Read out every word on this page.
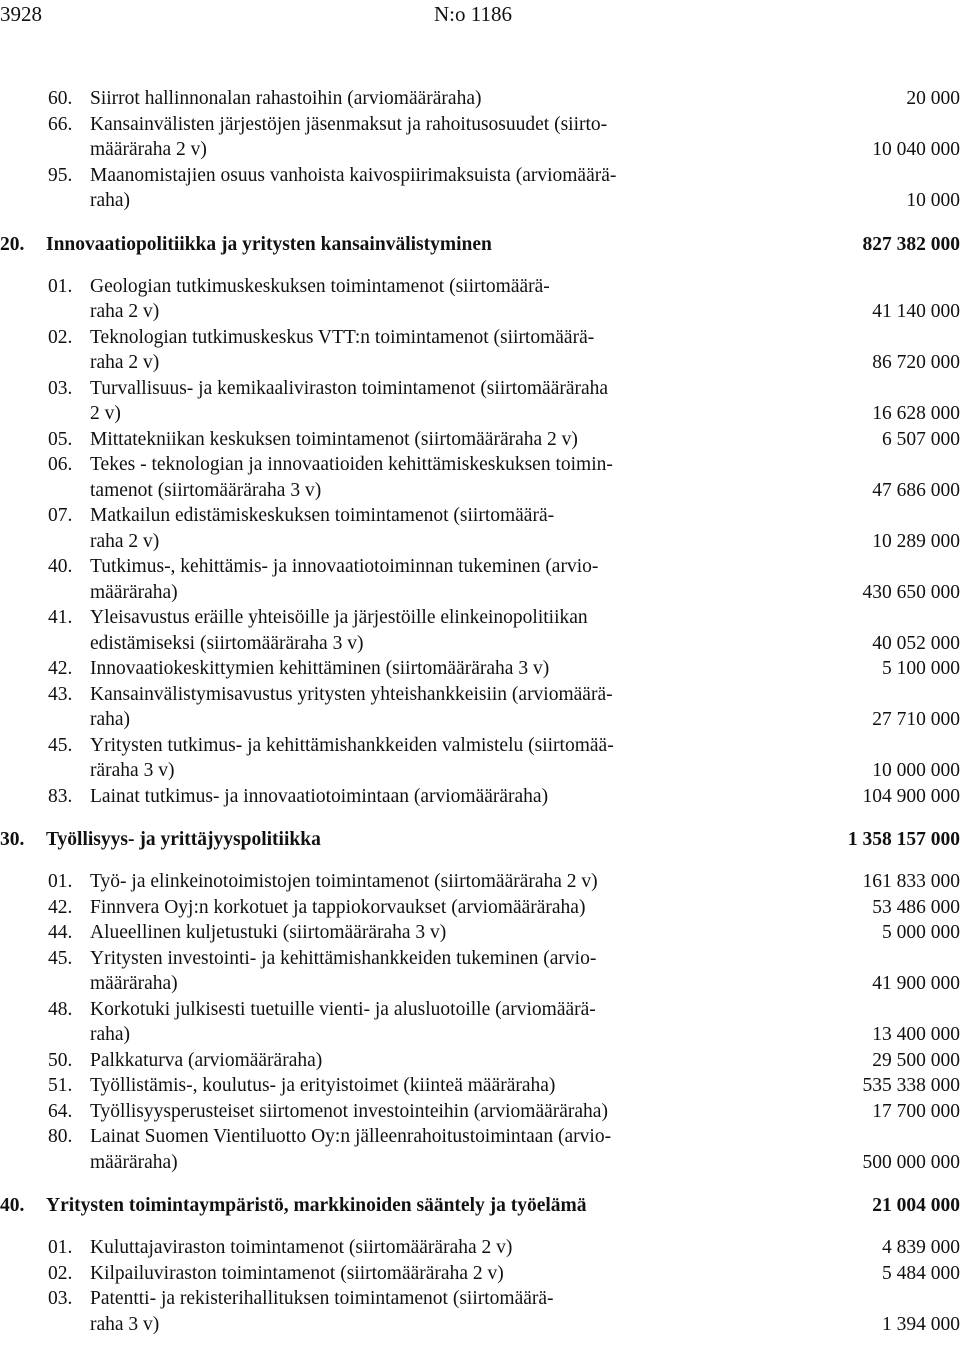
3928	N:o 1186
60. Siirrot hallinnonalan rahastoihin (arviomääräraha)	20 000
66. Kansainvälisten järjestöjen jäsenmaksut ja rahoitusosuudet (siirto-
määräraha 2 v)	10 040 000
95. Maanomistajien osuus vanhoista kaivospiirimaksuista (arviomäärä-
raha)	10 000
20. Innovaatiopolitiikka ja yritysten kansainvälistyminen	827 382 000
01. Geologian tutkimuskeskuksen toimintamenot (siirtomäärä-
raha 2 v)	41 140 000
02. Teknologian tutkimuskeskus VTT:n toimintamenot (siirtomäärä-
raha 2 v)	86 720 000
03. Turvallisuus- ja kemikaaliviraston toimintamenot (siirtomääräraha
2 v)	16 628 000
05. Mittatekniikan keskuksen toimintamenot (siirtomääräraha 2 v)	6 507 000
06. Tekes - teknologian ja innovaatioiden kehittämiskeskuksen toimin-
tamenot (siirtomääräraha 3 v)	47 686 000
07. Matkailun edistämiskeskuksen toimintamenot (siirtomäärä-
raha 2 v)	10 289 000
40. Tutkimus-, kehittämis- ja innovaatiotoiminnan tukeminen (arvio-
määräraha)	430 650 000
41. Yleisavustus eräille yhteisöille ja järjestöille elinkeinopolitiikan
edistämiseksi (siirtomääräraha 3 v)	40 052 000
42. Innovaatiokeskittymien kehittäminen (siirtomääräraha 3 v)	5 100 000
43. Kansainvälistymisavustus yritysten yhteishankkeisiin (arviomäärä-
raha)	27 710 000
45. Yritysten tutkimus- ja kehittämishankkeiden valmistelu (siirtomää-
räraha 3 v)	10 000 000
83. Lainat tutkimus- ja innovaatiotoimintaan (arviomääräraha)	104 900 000
30. Työllisyys- ja yrittäjyyspolitiikka	1 358 157 000
01. Työ- ja elinkeinotoimistojen toimintamenot (siirtomääräraha 2 v)	161 833 000
42. Finnvera Oyj:n korkotuet ja tappiokorvaukset (arviomääräraha)	53 486 000
44. Alueellinen kuljetustuki (siirtomääräraha 3 v)	5 000 000
45. Yritysten investointi- ja kehittämishankkeiden tukeminen (arvio-
määräraha)	41 900 000
48. Korkotuki julkisesti tuetuille vienti- ja alusluotoille (arviomäärä-
raha)	13 400 000
50. Palkkaturva (arviomääräraha)	29 500 000
51. Työllistämis-, koulutus- ja erityistoimet (kiinteä määräraha)	535 338 000
64. Työllisyysperusteiset siirtomenot investointeihin (arviomääräraha)	17 700 000
80. Lainat Suomen Vientiluotto Oy:n jälleenrahoitustoimintaan (arvio-
määräraha)	500 000 000
40. Yritysten toimintaympäristö, markkinoiden sääntely ja työelämä	21 004 000
01. Kuluttajaviraston toimintamenot (siirtomääräraha 2 v)	4 839 000
02. Kilpailuviraston toimintamenot (siirtomääräraha 2 v)	5 484 000
03. Patentti- ja rekisterihallituksen toimintamenot (siirtomäärä-
raha 3 v)	1 394 000
